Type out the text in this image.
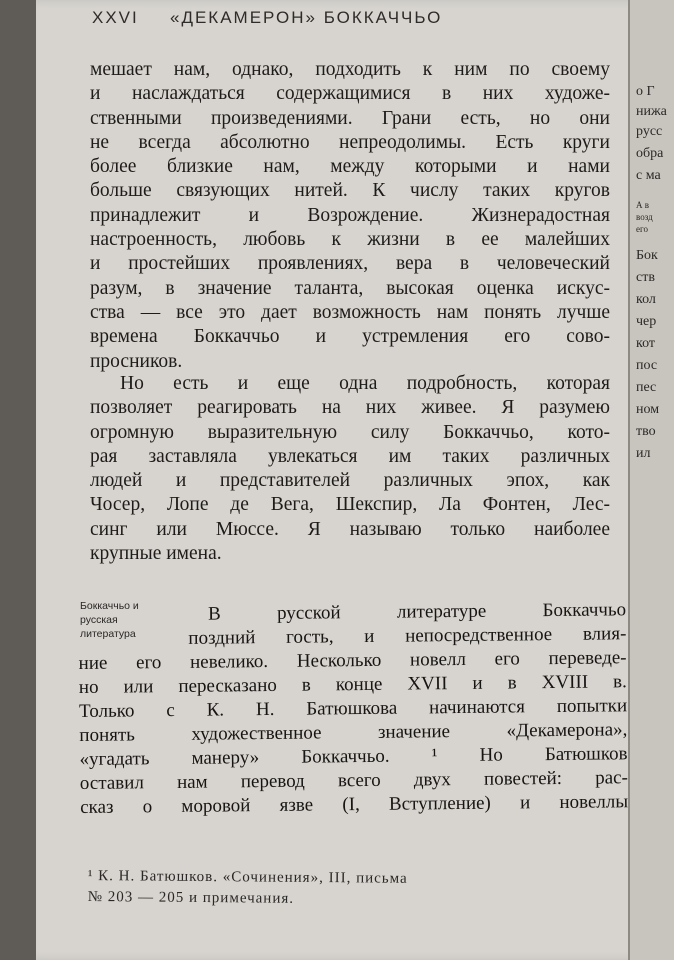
о Г
нижа
русс
обра
с ма
А в
возд
его
Бок
ств
кол
чер
кот
пос
пес
ном
тво
ил
XXVI «ДЕКАМЕРОН» БОККАЧЧЬО
мешает нам, однако, подходить к ним по своему
и наслаждаться содержащимися в них художе-
ственными произведениями. Грани есть, но они
не всегда абсолютно непреодолимы. Есть круги
более близкие нам, между которыми и нами
больше связующих нитей. К числу таких кругов
принадлежит и Возрождение. Жизнерадостная
настроенность, любовь к жизни в ее малейших
и простейших проявлениях, вера в человеческий
разум, в значение таланта, высокая оценка искус-
ства — все это дает возможность нам понять лучше
времена Боккаччьо и устремления его сово-
просников.
Но есть и еще одна подробность, которая
позволяет реагировать на них живее. Я разумею
огромную выразительную силу Боккаччьо, кото-
рая заставляла увлекаться им таких различных
людей и представителей различных эпох, как
Чосер, Лопе де Вега, Шекспир, Ла Фонтен, Лес-
синг или Мюссе. Я называю только наиболее
крупные имена.
Боккаччьо и
русская
литература
В русской литературе Боккаччьо
поздний гость, и непосредственное влия-
ние его невелико. Несколько новелл его переведе-
но или пересказано в конце XVII и в XVIII в.
Только с К. Н. Батюшкова начинаются попытки
понять художественное значение «Декамерона»,
«угадать манеру» Боккаччьо. ¹ Но Батюшков
оставил нам перевод всего двух повестей: рас-
сказ о моровой язве (I, Вступление) и новеллы
¹ К. Н. Батюшков. «Сочинения», III, письма
№ 203 — 205 и примечания.
